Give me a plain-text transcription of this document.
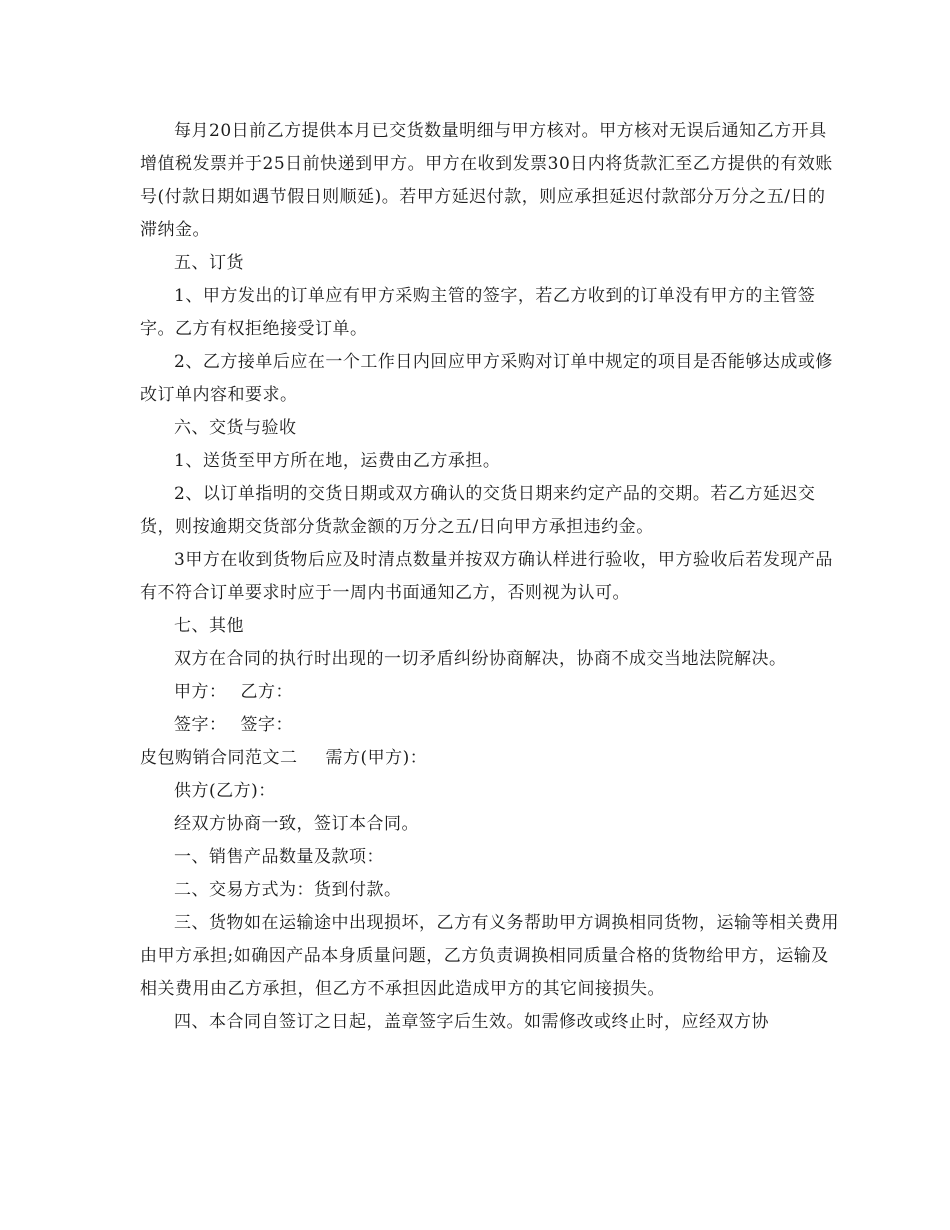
每月20日前乙方提供本月已交货数量明细与甲方核对。甲方核对无误后通知乙方开具增值税发票并于25日前快递到甲方。甲方在收到发票30日内将货款汇至乙方提供的有效账号(付款日期如遇节假日则顺延)。若甲方延迟付款，则应承担延迟付款部分万分之五/日的滞纳金。

五、订货

1、甲方发出的订单应有甲方采购主管的签字，若乙方收到的订单没有甲方的主管签字。乙方有权拒绝接受订单。

2、乙方接单后应在一个工作日内回应甲方采购对订单中规定的项目是否能够达成或修改订单内容和要求。

六、交货与验收

1、送货至甲方所在地，运费由乙方承担。

2、以订单指明的交货日期或双方确认的交货日期来约定产品的交期。若乙方延迟交货，则按逾期交货部分货款金额的万分之五/日向甲方承担违约金。

3甲方在收到货物后应及时清点数量并按双方确认样进行验收，甲方验收后若发现产品有不符合订单要求时应于一周内书面通知乙方，否则视为认可。

七、其他

双方在合同的执行时出现的一切矛盾纠纷协商解决，协商不成交当地法院解决。

甲方： 乙方：

签字： 签字：

皮包购销合同范文二 需方(甲方)：

供方(乙方)：

经双方协商一致，签订本合同。

一、销售产品数量及款项：

二、交易方式为：货到付款。

三、货物如在运输途中出现损坏，乙方有义务帮助甲方调换相同货物，运输等相关费用由甲方承担;如确因产品本身质量问题，乙方负责调换相同质量合格的货物给甲方，运输及相关费用由乙方承担，但乙方不承担因此造成甲方的其它间接损失。

四、本合同自签订之日起，盖章签字后生效。如需修改或终止时，应经双方协
